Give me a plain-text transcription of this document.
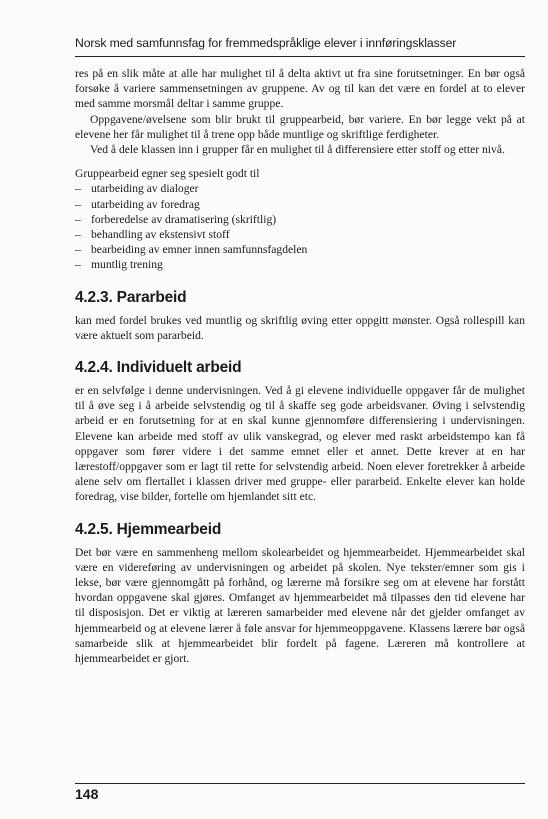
Norsk med samfunnsfag for fremmedspråklige elever i innføringsklasser

res på en slik måte at alle har mulighet til å delta aktivt ut fra sine forutsetninger. En bør også forsøke å variere sammensetningen av gruppene. Av og til kan det være en fordel at to elever med samme morsmål deltar i samme gruppe.

Oppgavene/øvelsene som blir brukt til gruppearbeid, bør variere. En bør legge vekt på at elevene her får mulighet til å trene opp både muntlige og skriftlige ferdigheter.

Ved å dele klassen inn i grupper får en mulighet til å differensiere etter stoff og etter nivå.

Gruppearbeid egner seg spesielt godt til

– utarbeiding av dialoger
– utarbeiding av foredrag
– forberedelse av dramatisering (skriftlig)
– behandling av ekstensivt stoff
– bearbeiding av emner innen samfunnsfagdelen
– muntlig trening
4.2.3. Pararbeid

kan med fordel brukes ved muntlig og skriftlig øving etter oppgitt mønster. Også rollespill kan være aktuelt som pararbeid.

4.2.4. Individuelt arbeid

er en selvfølge i denne undervisningen. Ved å gi elevene individuelle oppgaver får de mulighet til å øve seg i å arbeide selvstendig og til å skaffe seg gode arbeidsvaner. Øving i selvstendig arbeid er en forutsetning for at en skal kunne gjennomføre differensiering i undervisningen. Elevene kan arbeide med stoff av ulik vanskegrad, og elever med raskt arbeidstempo kan få oppgaver som fører videre i det samme emnet eller et annet. Dette krever at en har lærestoff/oppgaver som er lagt til rette for selvstendig arbeid. Noen elever foretrekker å arbeide alene selv om flertallet i klassen driver med gruppe- eller pararbeid. Enkelte elever kan holde foredrag, vise bilder, fortelle om hjemlandet sitt etc.

4.2.5. Hjemmearbeid

Det bør være en sammenheng mellom skolearbeidet og hjemmearbeidet. Hjemmearbeidet skal være en videreføring av undervisningen og arbeidet på skolen. Nye tekster/emner som gis i lekse, bør være gjennomgått på forhånd, og lærerne må forsikre seg om at elevene har forstått hvordan oppgavene skal gjøres. Omfanget av hjemmearbeidet må tilpasses den tid elevene har til disposisjon. Det er viktig at læreren samarbeider med elevene når det gjelder omfanget av hjemmearbeid og at elevene lærer å føle ansvar for hjemmeoppgavene. Klassens lærere bør også samarbeide slik at hjemmearbeidet blir fordelt på fagene. Læreren må kontrollere at hjemmearbeidet er gjort.

148
